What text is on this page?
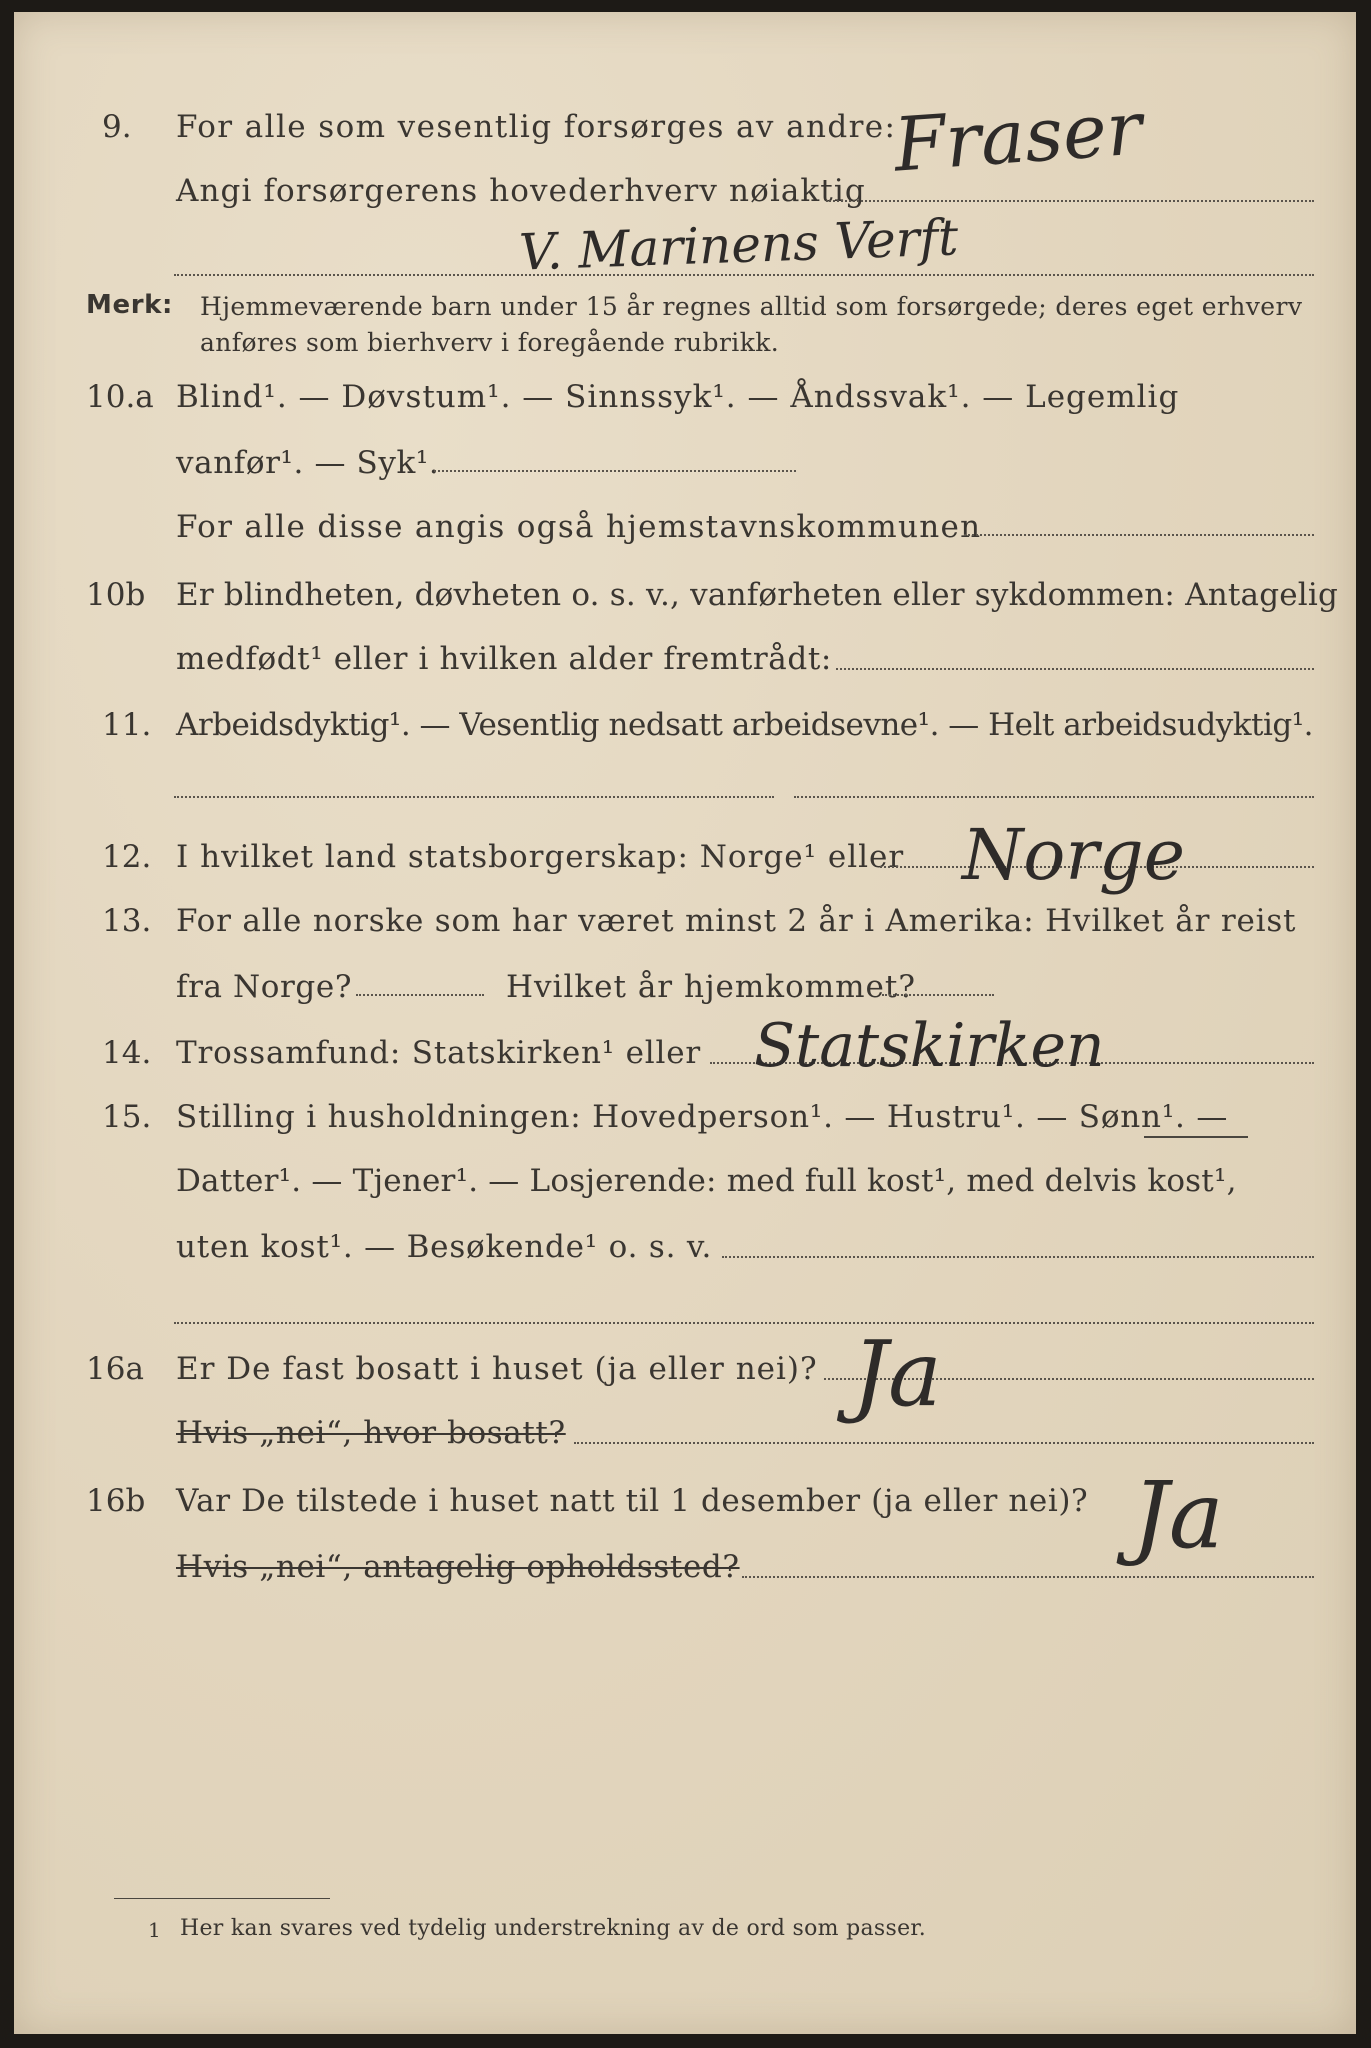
9. For alle som vesentlig forsørges av andre:
Angi forsørgerens hovederhverv nøiaktig
Fraser
V. Marinens Verft
Merk: Hjemmeværende barn under 15 år regnes alltid som forsørgede; deres eget erhverv
anføres som bierhverv i foregående rubrikk.
10.a Blind¹. — Døvstum¹. — Sinnssyk¹. — Åndssvak¹. — Legemlig
vanfør¹. — Syk¹.
For alle disse angis også hjemstavnskommunen
10b Er blindheten, døvheten o. s. v., vanførheten eller sykdommen: Antagelig
medfødt¹ eller i hvilken alder fremtrådt:
11. Arbeidsdyktig¹. — Vesentlig nedsatt arbeidsevne¹. — Helt arbeidsudyktig¹.
12. I hvilket land statsborgerskap: Norge¹ eller Norge
13. For alle norske som har været minst 2 år i Amerika: Hvilket år reist
fra Norge?	Hvilket år hjemkommet?
14. Trossamfund: Statskirken¹ eller Statskirken
15. Stilling i husholdningen: Hovedperson¹. — Hustru¹. — Sønn¹. —
Datter¹. — Tjener¹. — Losjerende: med full kost¹, med delvis kost¹,
uten kost¹. — Besøkende¹ o. s. v.
16a Er De fast bosatt i huset (ja eller nei)?
Hvis „nei“, hvor bosatt?
Ja
16b Var De tilstede i huset natt til 1 desember (ja eller nei)?
Hvis „nei“, antagelig opholdssted?	Ja
1 Her kan svares ved tydelig understrekning av de ord som passer.
